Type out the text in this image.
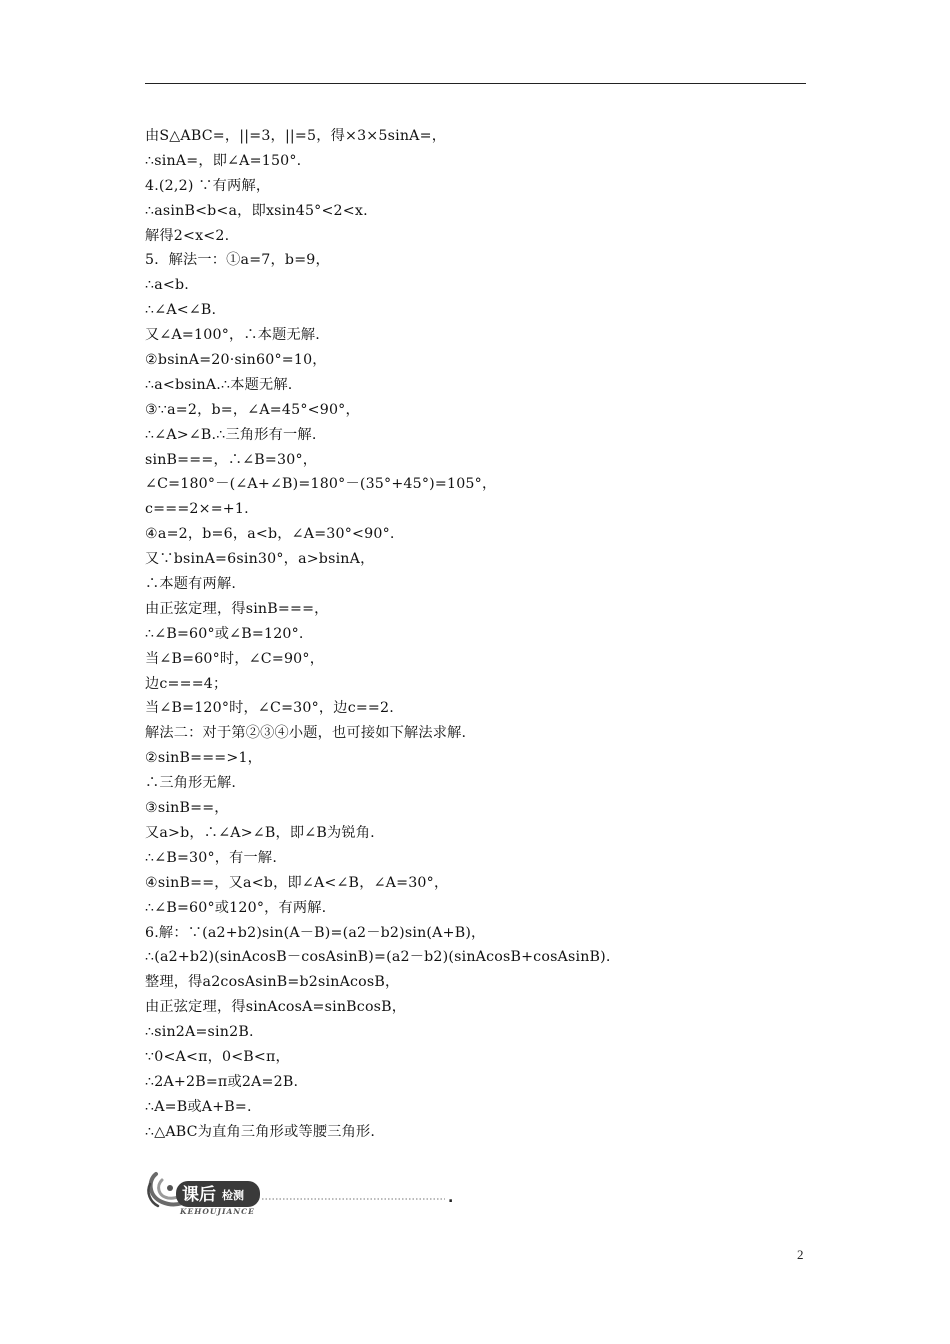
由S△ABC=，||=3，||=5，得×3×5sinA=，
∴sinA=，即∠A=150°.
4.(2,2) ∵有两解，
∴asinB<b<a，即xsin45°<2<x.
解得2<x<2.
5．解法一：①a=7，b=9，
∴a<b.
∴∠A<∠B.
又∠A=100°，∴本题无解.
②bsinA=20·sin60°=10，
∴a<bsinA.∴本题无解.
③∵a=2，b=，∠A=45°<90°，
∴∠A>∠B.∴三角形有一解.
sinB===，∴∠B=30°，
∠C=180°－(∠A+∠B)=180°－(35°+45°)=105°，
c===2×=+1.
④a=2，b=6，a<b，∠A=30°<90°.
又∵bsinA=6sin30°，a>bsinA，
∴本题有两解.
由正弦定理，得sinB===，
∴∠B=60°或∠B=120°.
当∠B=60°时，∠C=90°，
边c===4；
当∠B=120°时，∠C=30°，边c==2.
解法二：对于第②③④小题，也可接如下解法求解.
②sinB===>1，
∴三角形无解.
③sinB==，
又a>b，∴∠A>∠B，即∠B为锐角.
∴∠B=30°，有一解.
④sinB==，又a<b，即∠A<∠B，∠A=30°，
∴∠B=60°或120°，有两解.
6.解：∵(a2+b2)sin(A－B)=(a2－b2)sin(A+B)，
∴(a2+b2)(sinAcosB－cosAsinB)=(a2－b2)(sinAcosB+cosAsinB).
整理，得a2cosAsinB=b2sinAcosB，
由正弦定理，得sinAcosA=sinBcosB，
∴sin2A=sin2B.
∵0<A<π，0<B<π，
∴2A+2B=π或2A=2B.
∴A=B或A+B=.
∴△ABC为直角三角形或等腰三角形.
课后 检测
KEHOUJIANCE
.
2
